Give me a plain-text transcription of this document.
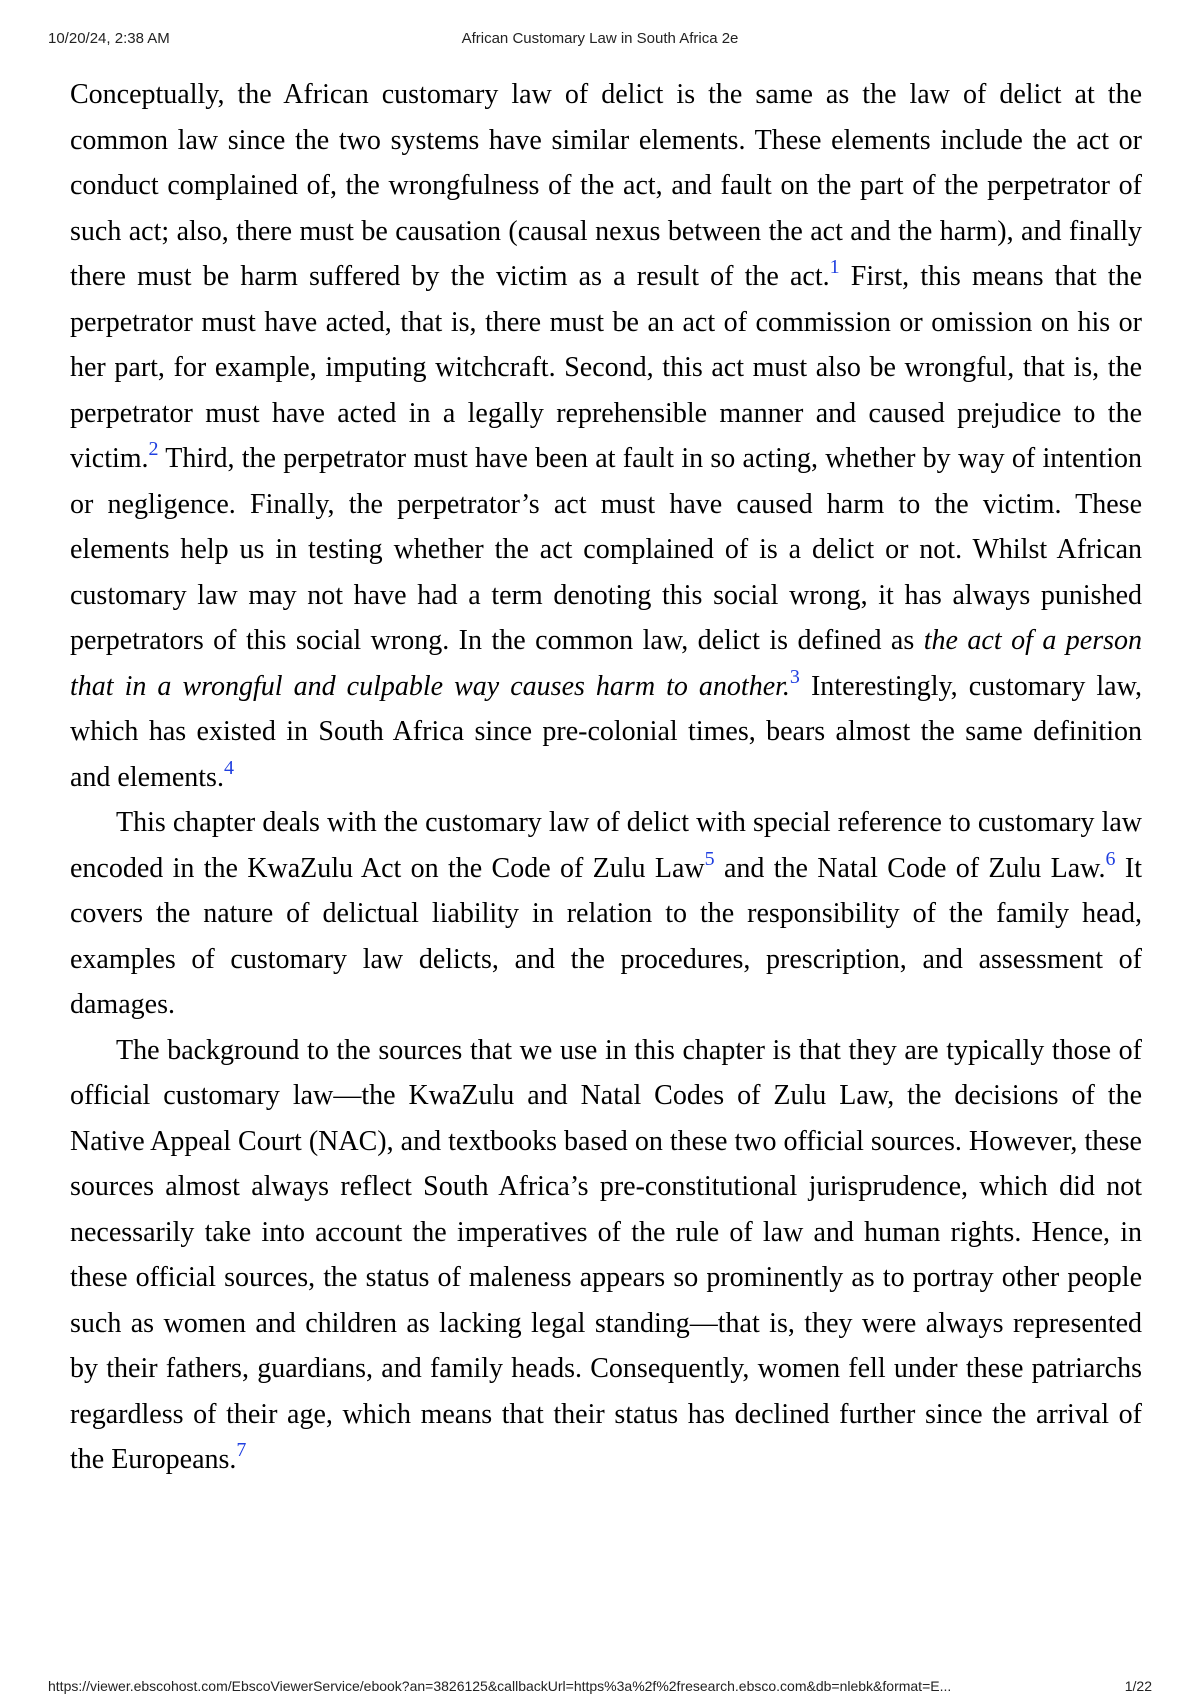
10/20/24, 2:38 AM	African Customary Law in South Africa 2e

Conceptually, the African customary law of delict is the same as the law of delict at the common law since the two systems have similar elements. These elements include the act or conduct complained of, the wrongfulness of the act, and fault on the part of the perpetrator of such act; also, there must be causation (causal nexus between the act and the harm), and finally there must be harm suffered by the victim as a result of the act.$^1$ First, this means that the perpetrator must have acted, that is, there must be an act of commission or omission on his or her part, for example, imputing witchcraft. Second, this act must also be wrongful, that is, the perpetrator must have acted in a legally reprehensible manner and caused prejudice to the victim.$^2$ Third, the perpetrator must have been at fault in so acting, whether by way of intention or negligence. Finally, the perpetrator’s act must have caused harm to the victim. These elements help us in testing whether the act complained of is a delict or not. Whilst African customary law may not have had a term denoting this social wrong, it has always punished perpetrators of this social wrong. In the common law, delict is defined as the act of a person that in a wrongful and culpable way causes harm to another.$^3$ Interestingly, customary law, which has existed in South Africa since pre-colonial times, bears almost the same definition and elements.$^4$

This chapter deals with the customary law of delict with special reference to customary law encoded in the KwaZulu Act on the Code of Zulu Law$^5$ and the Natal Code of Zulu Law.$^6$ It covers the nature of delictual liability in relation to the responsibility of the family head, examples of customary law delicts, and the procedures, prescription, and assessment of damages.

The background to the sources that we use in this chapter is that they are typically those of official customary law—the KwaZulu and Natal Codes of Zulu Law, the decisions of the Native Appeal Court (NAC), and textbooks based on these two official sources. However, these sources almost always reflect South Africa’s pre-constitutional jurisprudence, which did not necessarily take into account the imperatives of the rule of law and human rights. Hence, in these official sources, the status of maleness appears so prominently as to portray other people such as women and children as lacking legal standing—that is, they were always represented by their fathers, guardians, and family heads. Consequently, women fell under these patriarchs regardless of their age, which means that their status has declined further since the arrival of the Europeans.$^7$

https://viewer.ebscohost.com/EbscoViewerService/ebook?an=3826125&callbackUrl=https%3a%2f%2fresearch.ebsco.com&db=nlebk&format=E...	1/22
